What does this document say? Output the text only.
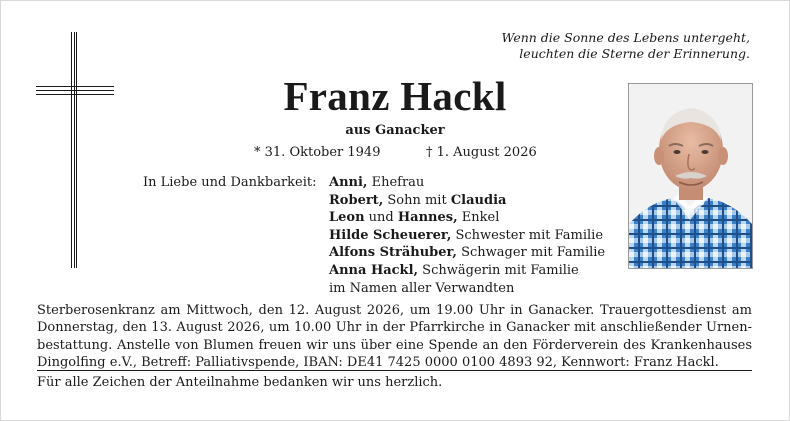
Wenn die Sonne des Lebens untergeht,
leuchten die Sterne der Erinnerung.
Franz Hackl
aus Ganacker
* 31. Oktober 1949	† 1. August 2026
In Liebe und Dankbarkeit: Anni, Ehefrau
Robert, Sohn mit Claudia
Leon und Hannes, Enkel
Hilde Scheuerer, Schwester mit Familie
Alfons Strähuber, Schwager mit Familie
Anna Hackl, Schwägerin mit Familie
im Namen aller Verwandten
Sterberosenkranz am Mittwoch, den 12. August 2026, um 19.00 Uhr in Ganacker. Trauergottesdienst am
Donnerstag, den 13. August 2026, um 10.00 Uhr in der Pfarrkirche in Ganacker mit anschließender Urnen-
bestattung. Anstelle von Blumen freuen wir uns über eine Spende an den Förderverein des Krankenhauses
Dingolfing e.V., Betreff: Palliativspende, IBAN: DE41 7425 0000 0100 4893 92, Kennwort: Franz Hackl.
Für alle Zeichen der Anteilnahme bedanken wir uns herzlich.
